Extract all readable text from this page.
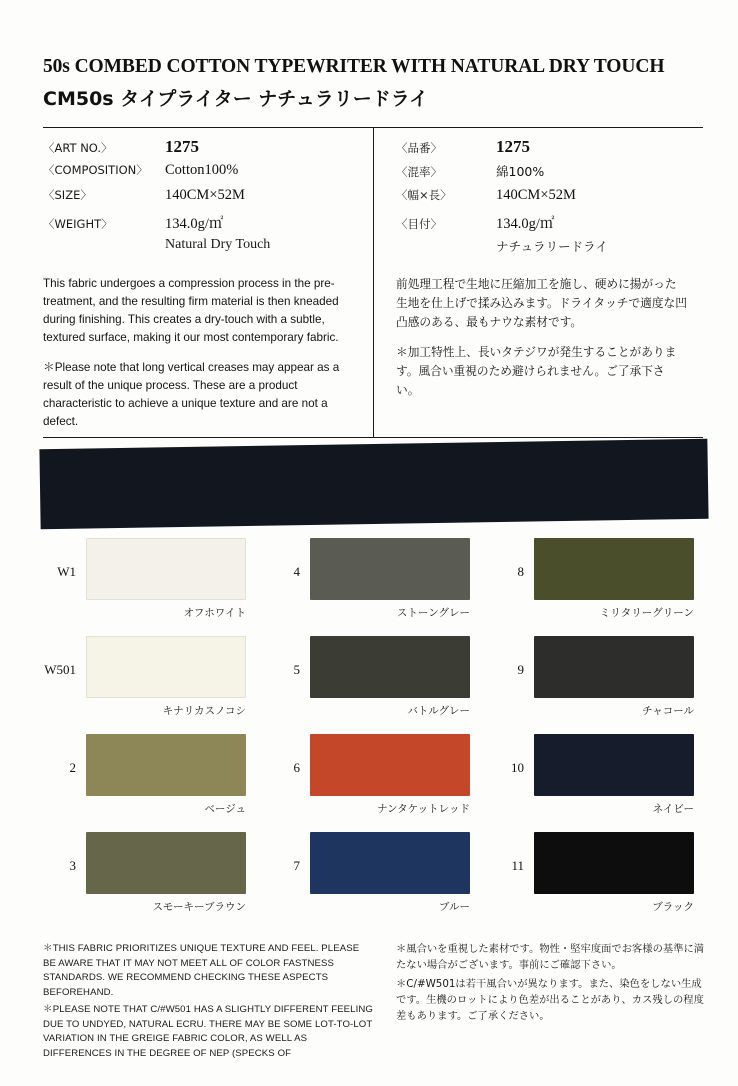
50s COMBED COTTON TYPEWRITER WITH NATURAL DRY TOUCH
CM50s タイプライター ナチュラリードライ
〈ART NO.〉	1275
〈COMPOSITION〉	Cotton100%
〈SIZE〉	140CM×52M
〈WEIGHT〉	134.0g/㎡
Natural Dry Touch
This fabric undergoes a compression process in the pre-treatment, and the resulting firm material is then kneaded during finishing. This creates a dry-touch with a subtle, textured surface, making it our most contemporary fabric.
＊Please note that long vertical creases may appear as a result of the unique process. These are a product characteristic to achieve a unique texture and are not a defect.
〈品番〉	1275
〈混率〉	綿100%
〈幅×長〉	140CM×52M
〈目付〉	134.0g/㎡
ナチュラリードライ
前処理工程で生地に圧縮加工を施し、硬めに揚がった生地を仕上げで揉み込みます。ドライタッチで適度な凹凸感のある、最もナウな素材です。
＊加工特性上、長いタテジワが発生することがあります。風合い重視のため避けられません。ご了承下さい。
W1
オフホワイト
4
ストーングレー
8
ミリタリーグリーン
W501
キナリカスノコシ
5
バトルグレー
9
チャコール
2
ベージュ
6
ナンタケットレッド
10
ネイビー
3
スモーキーブラウン
7
ブルー
11
ブラック
＊THIS FABRIC PRIORITIZES UNIQUE TEXTURE AND FEEL. PLEASE BE AWARE THAT IT MAY NOT MEET ALL OF COLOR FASTNESS STANDARDS. WE RECOMMEND CHECKING THESE ASPECTS BEFOREHAND.
＊PLEASE NOTE THAT C/#W501 HAS A SLIGHTLY DIFFERENT FEELING DUE TO UNDYED, NATURAL ECRU. THERE MAY BE SOME LOT-TO-LOT VARIATION IN THE GREIGE FABRIC COLOR, AS WELL AS DIFFERENCES IN THE DEGREE OF NEP (SPECKS OF
＊風合いを重視した素材です。物性・堅牢度面でお客様の基準に満たない場合がございます。事前にご確認下さい。
＊C/#W501は若干風合いが異なります。また、染色をしない生成です。生機のロットにより色差が出ることがあり、カス残しの程度差もあります。ご了承ください。
